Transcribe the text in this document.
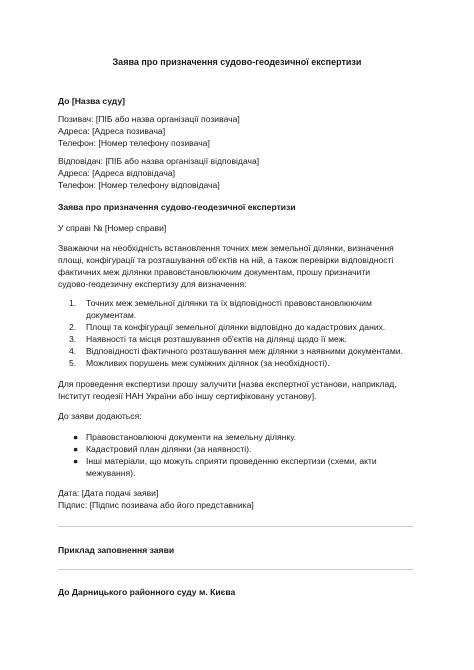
Заява про призначення судово-геодезичної експертизи
До [Назва суду]
Позивач: [ПІБ або назва організації позивача]
Адреса: [Адреса позивача]
Телефон: [Номер телефону позивача]
Відповідач: [ПІБ або назва організації відповідача]
Адреса: [Адреса відповідача]
Телефон: [Номер телефону відповідача]
Заява про призначення судово-геодезичної експертизи
У справі № [Номер справи]
Зважаючи на необхідність встановлення точних меж земельної ділянки, визначення
площі, конфігурації та розташування об'єктів на ній, а також перевірки відповідності
фактичних меж ділянки правовстановлюючим документам, прошу призначити
судово-геодезичну експертизу для визначення:
1. Точних меж земельної ділянки та їх відповідності правовстановлюючим
документам.
2. Площі та конфігурації земельної ділянки відповідно до кадастрових даних.
3. Наявності та місця розташування об'єктів на ділянці щодо її меж.
4. Відповідності фактичного розташування меж ділянки з наявними документами.
5. Можливих порушень меж суміжних ділянок (за необхідності).
Для проведення експертизи прошу залучити [назва експертної установи, наприклад,
Інститут геодезії НАН України або іншу сертифіковану установу].
До заяви додаються:
● Правовстановлюючі документи на земельну ділянку.
● Кадастровий план ділянки (за наявності).
● Інші матеріали, що можуть сприяти проведенню експертизи (схеми, акти
межування).
Дата: [Дата подачі заяви]
Підпис: [Підпис позивача або його представника]
Приклад заповнення заяви
До Дарницького районного суду м. Києва
